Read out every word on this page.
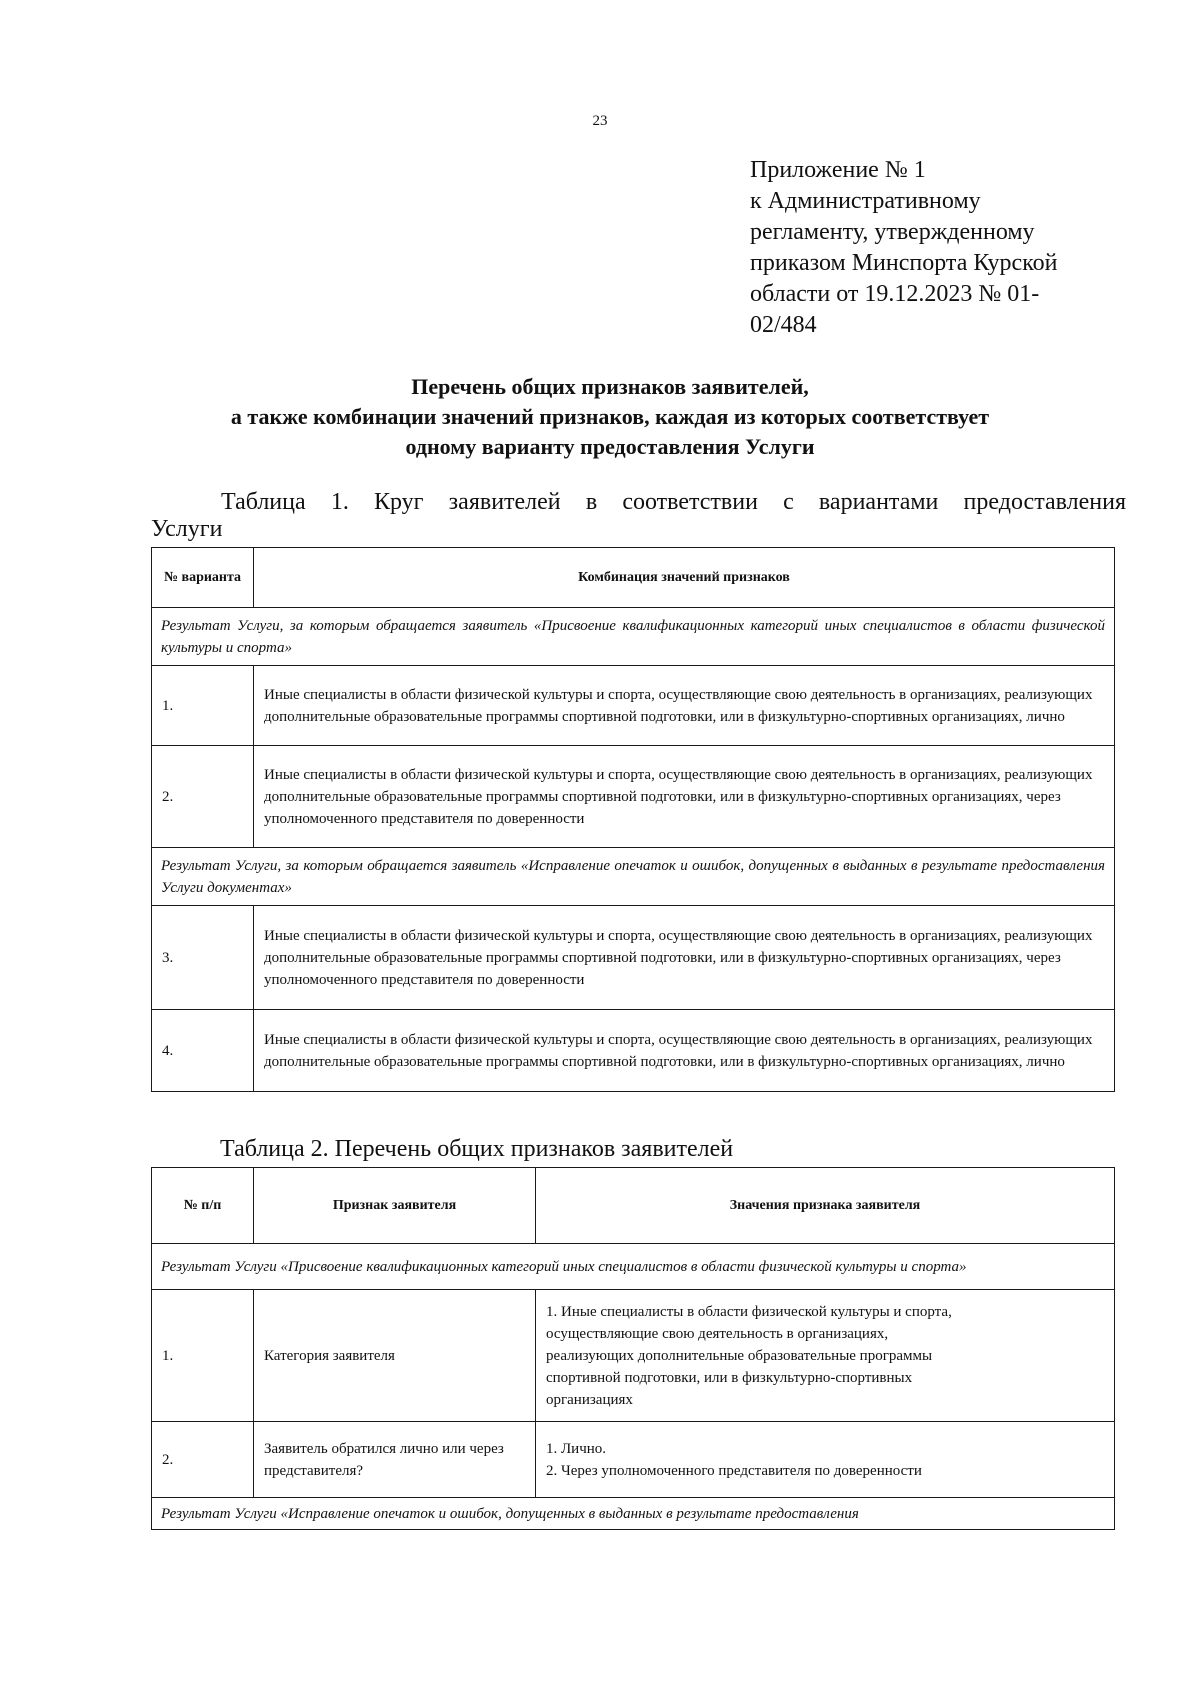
23
Приложение № 1
к Административному
регламенту, утвержденному
приказом Минспорта Курской
области от 19.12.2023 № 01-
02/484
Перечень общих признаков заявителей,
а также комбинации значений признаков, каждая из которых соответствует
одному варианту предоставления Услуги
Таблица 1. Круг заявителей в соответствии с вариантами предоставления
Услуги
№ варианта	Комбинация значений признаков
Результат Услуги, за которым обращается заявитель «Присвоение квалификационных категорий иных специалистов в области физической культуры и спорта»	
1.	Иные специалисты в области физической культуры и спорта, осуществляющие свою деятельность в организациях, реализующих дополнительные образовательные программы спортивной подготовки, или в физкультурно-спортивных организациях, лично
2.	Иные специалисты в области физической культуры и спорта, осуществляющие свою деятельность в организациях, реализующих дополнительные образовательные программы спортивной подготовки, или в физкультурно-спортивных организациях, через уполномоченного представителя по доверенности
Результат Услуги, за которым обращается заявитель «Исправление опечаток и ошибок, допущенных в выданных в результате предоставления Услуги документах»	
3.	Иные специалисты в области физической культуры и спорта, осуществляющие свою деятельность в организациях, реализующих дополнительные образовательные программы спортивной подготовки, или в физкультурно-спортивных организациях, через уполномоченного представителя по доверенности
4.	Иные специалисты в области физической культуры и спорта, осуществляющие свою деятельность в организациях, реализующих дополнительные образовательные программы спортивной подготовки, или в физкультурно-спортивных организациях, лично
Таблица 2. Перечень общих признаков заявителей
№ п/п	Признак заявителя	Значения признака заявителя
Результат Услуги «Присвоение квалификационных категорий иных специалистов в области физической культуры и спорта»		
1.	Категория заявителя	1. Иные специалисты в области физической культуры и спорта,
осуществляющие свою деятельность в организациях,
реализующих дополнительные образовательные программы
спортивной подготовки, или в физкультурно-спортивных
организациях

2.	Заявитель обратился лично или через представителя?	1. Лично.
2. Через уполномоченного представителя по доверенности

Результат Услуги «Исправление опечаток и ошибок, допущенных в выданных в результате предоставления		
